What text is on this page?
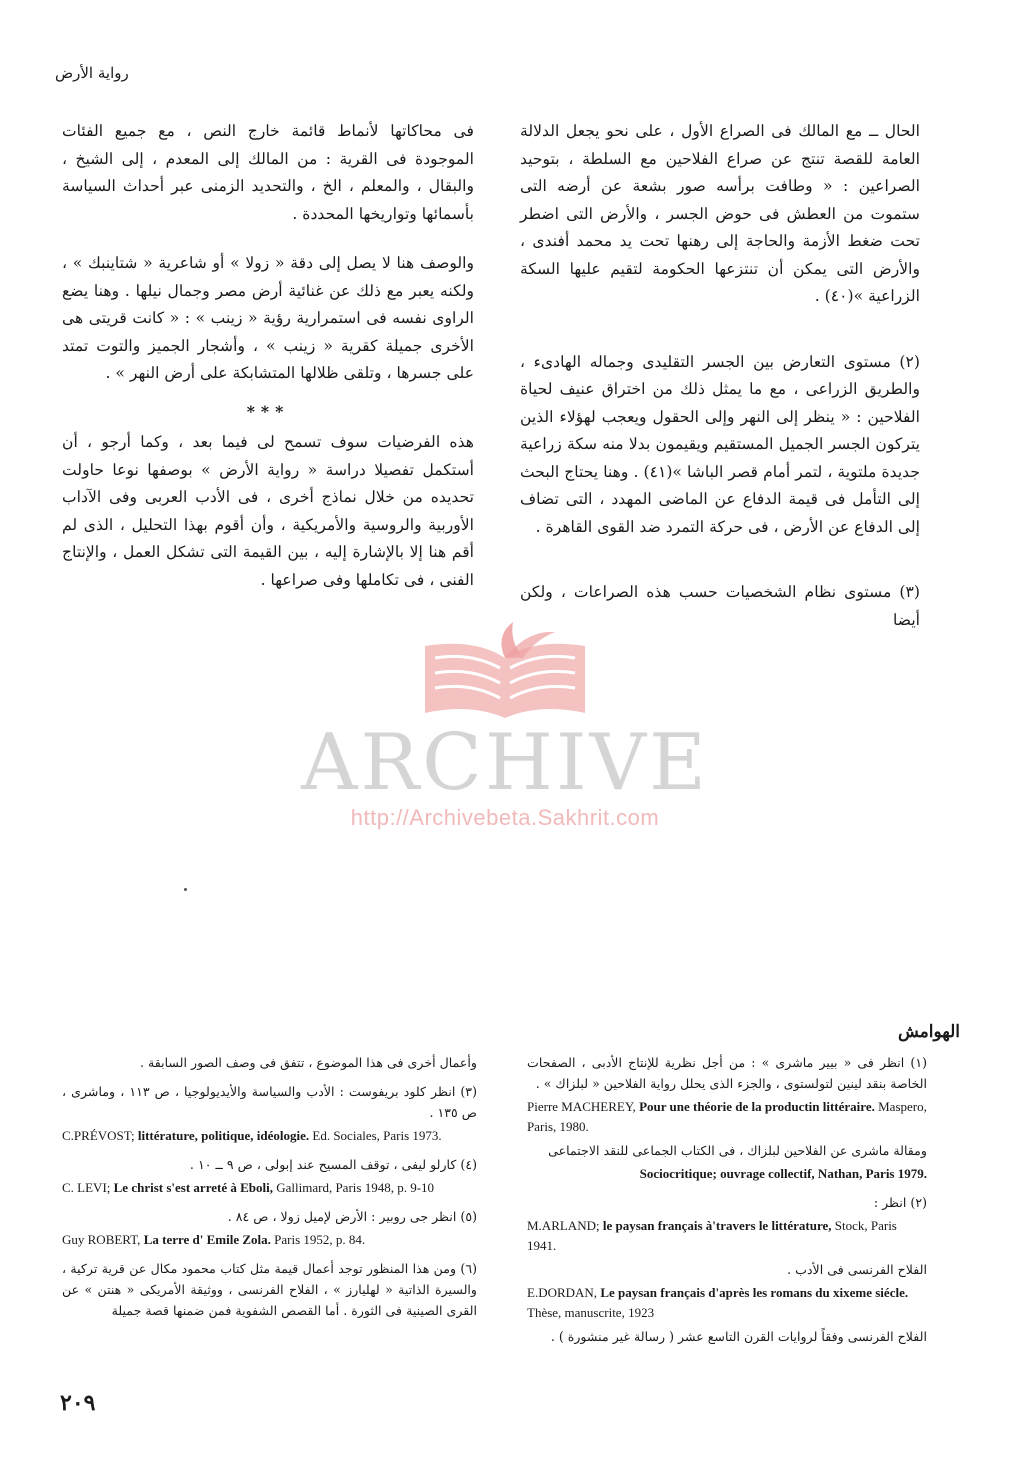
رواية الأرض

الحال ــ مع المالك فى الصراع الأول ، على نحو يجعل الدلالة العامة للقصة تنتج عن صراع الفلاحين مع السلطة ، بتوحيد الصراعين : « وطافت برأسه صور بشعة عن أرضه التى ستموت من العطش فى حوض الجسر ، والأرض التى اضطر تحت ضغط الأزمة والحاجة إلى رهنها تحت يد محمد أفندى ، والأرض التى يمكن أن تنتزعها الحكومة لتقيم عليها السكة الزراعية »(٤٠) .

(٢) مستوى التعارض بين الجسر التقليدى وجماله الهادىء ، والطريق الزراعى ، مع ما يمثل ذلك من اختراق عنيف لحياة الفلاحين : « ينظر إلى النهر وإلى الحقول ويعجب لهؤلاء الذين يتركون الجسر الجميل المستقيم ويقيمون بدلا منه سكة زراعية جديدة ملتوية ، لتمر أمام قصر الباشا »(٤١) . وهنا يحتاج البحث إلى التأمل فى قيمة الدفاع عن الماضى المهدد ، التى تضاف إلى الدفاع عن الأرض ، فى حركة التمرد ضد القوى القاهرة .

(٣) مستوى نظام الشخصيات حسب هذه الصراعات ، ولكن أيضا

فى محاكاتها لأنماط قائمة خارج النص ، مع جميع الفئات الموجودة فى القرية : من المالك إلى المعدم ، إلى الشيخ ، والبقال ، والمعلم ، الخ ، والتحديد الزمنى عبر أحداث السياسة بأسمائها وتواريخها المحددة .

والوصف هنا لا يصل إلى دقة « زولا » أو شاعرية « شتاينبك » ، ولكنه يعبر مع ذلك عن غنائية أرض مصر وجمال نيلها . وهنا يضع الراوى نفسه فى استمرارية رؤية « زينب » : « كانت قريتى هى الأخرى جميلة كقرية « زينب » ، وأشجار الجميز والتوت تمتد على جسرها ، وتلقى ظلالها المتشابكة على أرض النهر » .

***

هذه الفرضيات سوف تسمح لى فيما بعد ، وكما أرجو ، أن أستكمل تفصيلا دراسة « رواية الأرض » بوصفها نوعا حاولت تحديده من خلال نماذج أخرى ، فى الأدب العربى وفى الآداب الأوربية والروسية والأمريكية ، وأن أقوم بهذا التحليل ، الذى لم أقم هنا إلا بالإشارة إليه ، بين القيمة التى تشكل العمل ، والإنتاج الفنى ، فى تكاملها وفى صراعها .

ARCHIVE
http://Archivebeta.Sakhrit.com
الهوامش

(١) انظر فى « بيير ماشرى » : من أجل نظرية للإنتاج الأدبى ، الصفحات الخاصة بنقد لينين لتولستوى ، والجزء الذى يحلل رواية الفلاحين « لبلزاك » .

Pierre MACHEREY, Pour une théorie de la productin littéraire. Maspero, Paris, 1980.

ومقالة ماشرى عن الفلاحين لبلزاك ، فى الكتاب الجماعى للنقد الاجتماعى

Sociocritique; ouvrage collectif, Nathan, Paris 1979.

(٢) انظر :

M.ARLAND; le paysan français à'travers le littérature, Stock, Paris 1941.

الفلاح الفرنسى فى الأدب .

E.DORDAN, Le paysan français d'après les romans du xixeme siécle. Thèse, manuscrite, 1923

الفلاح الفرنسى وفقاً لروايات القرن التاسع عشر ( رسالة غير منشورة ) .

وأعمال أخرى فى هذا الموضوع ، تتفق فى وصف الصور السابقة .

(٣) انظر كلود بريفوست : الأدب والسياسة والأيديولوجيا ، ص ١١٣ ، وماشرى ، ص ١٣٥ .

C.PRÉVOST; littérature, politique, idéologie. Ed. Sociales, Paris 1973.

(٤) كارلو ليفى ، توقف المسيح عند إبولى ، ص ٩ ــ ١٠ .

C. LEVI; Le christ s'est arreté à Eboli, Gallimard, Paris 1948, p. 9-10

(٥) انظر جى روبير : الأرض لإميل زولا ، ص ٨٤ .

Guy ROBERT, La terre d' Emile Zola. Paris 1952, p. 84.

(٦) ومن هذا المنظور توجد أعمال قيمة مثل كتاب محمود مكال عن قرية تركية ، والسيرة الذاتية « لهليارز » ، الفلاح الفرنسى ، ووثيقة الأمريكى « هنتن » عن القرى الصينية فى الثورة . أما القصص الشفوية فمن ضمنها قصة جميلة

٢٠٩
